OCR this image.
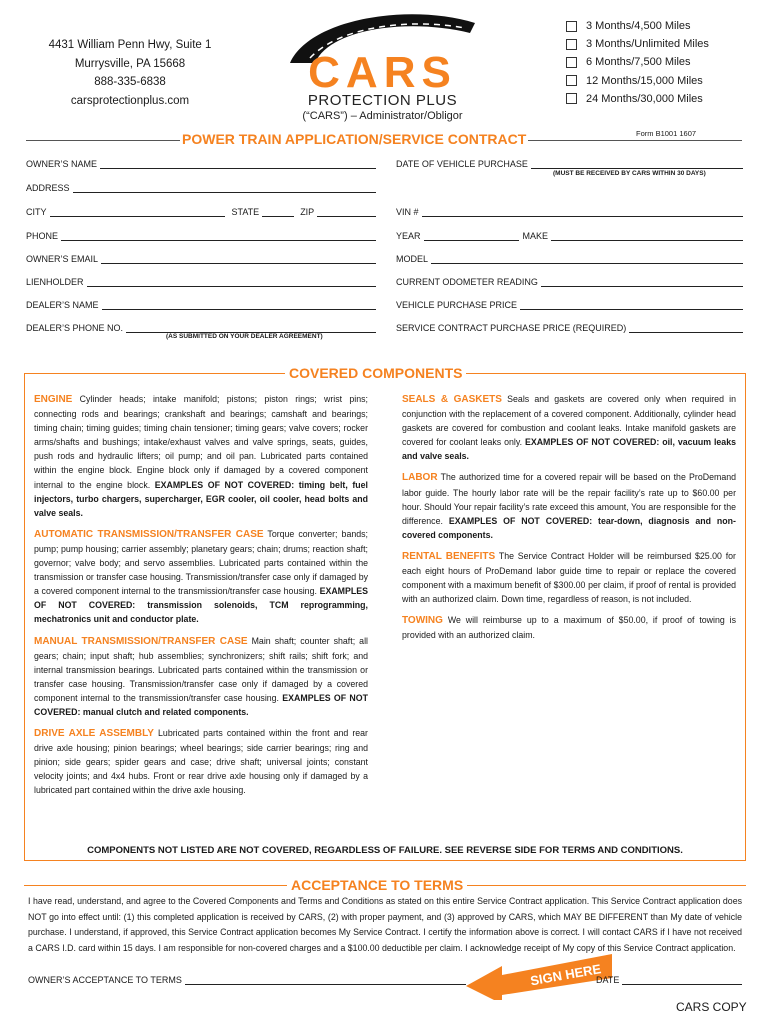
4431 William Penn Hwy, Suite 1
Murrysville, PA 15668
888-335-6838
carsprotectionplus.com
CARS
PROTECTION PLUS
(“CARS”) – Administrator/Obligor
3 Months/4,500 Miles
3 Months/Unlimited Miles
6 Months/7,500 Miles
12 Months/15,000 Miles
24 Months/30,000 Miles
POWER TRAIN APPLICATION/SERVICE CONTRACT	Form B1001 1607
OWNER’S NAME
ADDRESS
CITY	STATE	ZIP
PHONE
OWNER’S EMAIL
LIENHOLDER
DEALER’S NAME
DEALER’S PHONE NO.
(AS SUBMITTED ON YOUR DEALER AGREEMENT)
DATE OF VEHICLE PURCHASE
(MUST BE RECEIVED BY CARS WITHIN 30 DAYS)
VIN #
YEAR	MAKE
MODEL
CURRENT ODOMETER READING
VEHICLE PURCHASE PRICE
SERVICE CONTRACT PURCHASE PRICE (REQUIRED)
COVERED COMPONENTS

ENGINE Cylinder heads; intake manifold; pistons; piston rings; wrist pins; connecting rods and bearings; crankshaft and bearings; camshaft and bearings; timing chain; timing guides; timing chain tensioner; timing gears; valve covers; rocker arms/shafts and bushings; intake/exhaust valves and valve springs, seats, guides, push rods and hydraulic lifters; oil pump; and oil pan. Lubricated parts contained within the engine block. Engine block only if damaged by a covered component internal to the engine block. EXAMPLES OF NOT COVERED: timing belt, fuel injectors, turbo chargers, supercharger, EGR cooler, oil cooler, head bolts and valve seals.

AUTOMATIC TRANSMISSION/TRANSFER CASE Torque converter; bands; pump; pump housing; carrier assembly; planetary gears; chain; drums; reaction shaft; governor; valve body; and servo assemblies. Lubricated parts contained within the transmission or transfer case housing. Transmission/transfer case only if damaged by a covered component internal to the transmission/transfer case housing. EXAMPLES OF NOT COVERED: transmission solenoids, TCM reprogramming, mechatronics unit and conductor plate.

MANUAL TRANSMISSION/TRANSFER CASE Main shaft; counter shaft; all gears; chain; input shaft; hub assemblies; synchronizers; shift rails; shift fork; and internal transmission bearings. Lubricated parts contained within the transmission or transfer case housing. Transmission/transfer case only if damaged by a covered component internal to the transmission/transfer case housing. EXAMPLES OF NOT COVERED: manual clutch and related components.

DRIVE AXLE ASSEMBLY Lubricated parts contained within the front and rear drive axle housing; pinion bearings; wheel bearings; side carrier bearings; ring and pinion; side gears; spider gears and case; drive shaft; universal joints; constant velocity joints; and 4x4 hubs. Front or rear drive axle housing only if damaged by a lubricated part contained within the drive axle housing.

SEALS & GASKETS Seals and gaskets are covered only when required in conjunction with the replacement of a covered component. Additionally, cylinder head gaskets are covered for combustion and coolant leaks. Intake manifold gaskets are covered for coolant leaks only. EXAMPLES OF NOT COVERED: oil, vacuum leaks and valve seals.

LABOR The authorized time for a covered repair will be based on the ProDemand labor guide. The hourly labor rate will be the repair facility’s rate up to $60.00 per hour. Should Your repair facility’s rate exceed this amount, You are responsible for the difference. EXAMPLES OF NOT COVERED: tear-down, diagnosis and non-covered components.

RENTAL BENEFITS The Service Contract Holder will be reimbursed $25.00 for each eight hours of ProDemand labor guide time to repair or replace the covered component with a maximum benefit of $300.00 per claim, if proof of rental is provided with an authorized claim. Down time, regardless of reason, is not included.

TOWING We will reimburse up to a maximum of $50.00, if proof of towing is provided with an authorized claim.

COMPONENTS NOT LISTED ARE NOT COVERED, REGARDLESS OF FAILURE. SEE REVERSE SIDE FOR TERMS AND CONDITIONS.
ACCEPTANCE TO TERMS
I have read, understand, and agree to the Covered Components and Terms and Conditions as stated on this entire Service Contract application. This Service Contract application does NOT go into effect until: (1) this completed application is received by CARS, (2) with proper payment, and (3) approved by CARS, which MAY BE DIFFERENT than My date of vehicle purchase. I understand, if approved, this Service Contract application becomes My Service Contract. I certify the information above is correct. I will contact CARS if I have not received a CARS I.D. card within 15 days. I am responsible for non-covered charges and a $100.00 deductible per claim. I acknowledge receipt of My copy of this Service Contract application.
OWNER’S ACCEPTANCE TO TERMS	SIGN HERE
DATE
CARS COPY
